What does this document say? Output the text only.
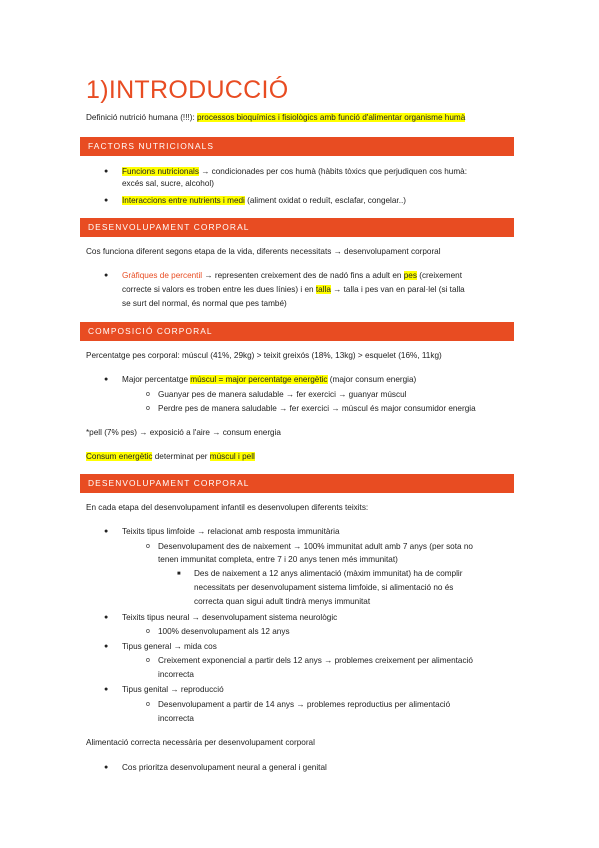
1)INTRODUCCIÓ
Definició nutrició humana (!!!): processos bioquímics i fisiològics amb funció d'alimentar organisme humà
FACTORS NUTRICIONALS
● Funcions nutricionals → condicionades per cos humà (hàbits tòxics que perjudiquen cos humà:
excés sal, sucre, alcohol)
● Interaccions entre nutrients i medi (aliment oxidat o reduït, esclafar, congelar..)
DESENVOLUPAMENT CORPORAL
Cos funciona diferent segons etapa de la vida, diferents necessitats → desenvolupament corporal
● Gràfiques de percentil → representen creixement des de nadó fins a adult en pes (creixement
correcte si valors es troben entre les dues línies) i en talla → talla i pes van en paral·lel (si talla
se surt del normal, és normal que pes també)
COMPOSICIÓ CORPORAL
Percentatge pes corporal: múscul (41%, 29kg) > teixit greixós (18%, 13kg) > esquelet (16%, 11kg)
● Major percentatge múscul = major percentatge energètic (major consum energia)
o Guanyar pes de manera saludable → fer exercici → guanyar múscul
o Perdre pes de manera saludable → fer exercici → múscul és major consumidor energia
*pell (7% pes) → exposició a l'aire → consum energia
Consum energètic determinat per múscul i pell
DESENVOLUPAMENT CORPORAL
En cada etapa del desenvolupament infantil es desenvolupen diferents teixits:
● Teixits tipus limfoide → relacionat amb resposta immunitària
o Desenvolupament des de naixement → 100% immunitat adult amb 7 anys (per sota no
tenen immunitat completa, entre 7 i 20 anys tenen més immunitat)
■ Des de naixement a 12 anys alimentació (màxim immunitat) ha de complir
necessitats per desenvolupament sistema limfoide, si alimentació no és
correcta quan sigui adult tindrà menys immunitat
● Teixits tipus neural → desenvolupament sistema neurològic
o 100% desenvolupament als 12 anys
● Tipus general → mida cos
o Creixement exponencial a partir dels 12 anys → problemes creixement per alimentació
incorrecta
● Tipus genital → reproducció
o Desenvolupament a partir de 14 anys → problemes reproductius per alimentació
incorrecta
Alimentació correcta necessària per desenvolupament corporal
● Cos prioritza desenvolupament neural a general i genital
